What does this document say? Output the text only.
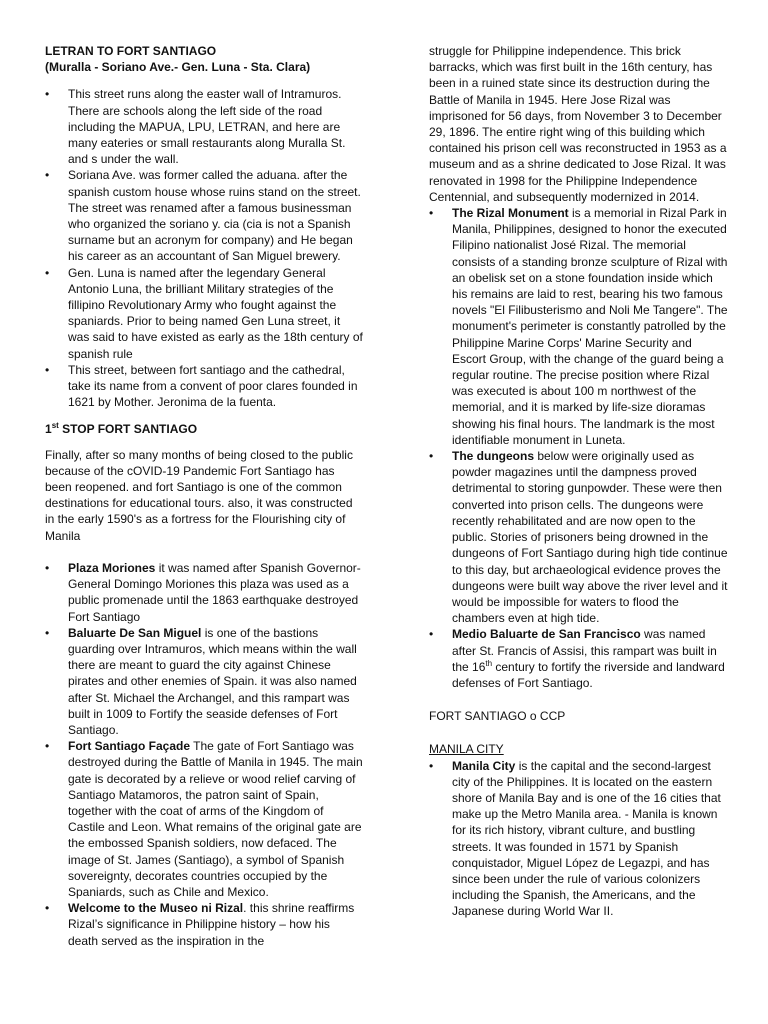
LETRAN TO FORT SANTIAGO

(Muralla - Soriano Ave.- Gen. Luna - Sta. Clara)

• This street runs along the easter wall of Intramuros. There are schools along the left side of the road including the MAPUA, LPU, LETRAN, and here are many eateries or small restaurants along Muralla St. and s under the wall.
• Soriana Ave. was former called the aduana. after the spanish custom house whose ruins stand on the street. The street was renamed after a famous businessman who organized the soriano y. cia (cia is not a Spanish surname but an acronym for company) and He began his career as an accountant of San Miguel brewery.
• Gen. Luna is named after the legendary General Antonio Luna, the brilliant Military strategies of the fillipino Revolutionary Army who fought against the spaniards. Prior to being named Gen Luna street, it was said to have existed as early as the 18th century of spanish rule
• This street, between fort santiago and the cathedral, take its name from a convent of poor clares founded in 1621 by Mother. Jeronima de la fuenta.

1st STOP FORT SANTIAGO

Finally, after so many months of being closed to the public because of the cOVID-19 Pandemic Fort Santiago has been reopened. and fort Santiago is one of the common destinations for educational tours. also, it was constructed in the early 1590's as a fortress for the Flourishing city of Manila

• Plaza Moriones it was named after Spanish Governor- General Domingo Moriones this plaza was used as a public promenade until the 1863 earthquake destroyed Fort Santiago
• Baluarte De San Miguel is one of the bastions guarding over Intramuros, which means within the wall there are meant to guard the city against Chinese pirates and other enemies of Spain. it was also named after St. Michael the Archangel, and this rampart was built in 1009 to Fortify the seaside defenses of Fort Santiago.
• Fort Santiago Façade The gate of Fort Santiago was destroyed during the Battle of Manila in 1945. The main gate is decorated by a relieve or wood relief carving of Santiago Matamoros, the patron saint of Spain, together with the coat of arms of the Kingdom of Castile and Leon. What remains of the original gate are the embossed Spanish soldiers, now defaced. The image of St. James (Santiago), a symbol of Spanish sovereignty, decorates countries occupied by the Spaniards, such as Chile and Mexico.
• Welcome to the Museo ni Rizal. this shrine reaffirms Rizal’s significance in Philippine history – how his death served as the inspiration in the

struggle for Philippine independence. This brick barracks, which was first built in the 16th century, has been in a ruined state since its destruction during the Battle of Manila in 1945. Here Jose Rizal was imprisoned for 56 days, from November 3 to December 29, 1896. The entire right wing of this building which contained his prison cell was reconstructed in 1953 as a museum and as a shrine dedicated to Jose Rizal. It was renovated in 1998 for the Philippine Independence Centennial, and subsequently modernized in 2014.

• The Rizal Monument is a memorial in Rizal Park in Manila, Philippines, designed to honor the executed Filipino nationalist José Rizal. The memorial consists of a standing bronze sculpture of Rizal with an obelisk set on a stone foundation inside which his remains are laid to rest, bearing his two famous novels "El Filibusterismo and Noli Me Tangere". The monument's perimeter is constantly patrolled by the Philippine Marine Corps' Marine Security and Escort Group, with the change of the guard being a regular routine. The precise position where Rizal was executed is about 100 m northwest of the memorial, and it is marked by life-size dioramas showing his final hours. The landmark is the most identifiable monument in Luneta.
• The dungeons below were originally used as powder magazines until the dampness proved detrimental to storing gunpowder. These were then converted into prison cells. The dungeons were recently rehabilitated and are now open to the public. Stories of prisoners being drowned in the dungeons of Fort Santiago during high tide continue to this day, but archaeological evidence proves the dungeons were built way above the river level and it would be impossible for waters to flood the chambers even at high tide.
• Medio Baluarte de San Francisco was named after St. Francis of Assisi, this rampart was built in the 16th century to fortify the riverside and landward defenses of Fort Santiago.

FORT SANTIAGO o CCP

MANILA CITY

• Manila City is the capital and the second-largest city of the Philippines. It is located on the eastern shore of Manila Bay and is one of the 16 cities that make up the Metro Manila area. ‑ Manila is known for its rich history, vibrant culture, and bustling streets. It was founded in 1571 by Spanish conquistador, Miguel López de Legazpi, and has since been under the rule of various colonizers including the Spanish, the Americans, and the Japanese during World War II.
